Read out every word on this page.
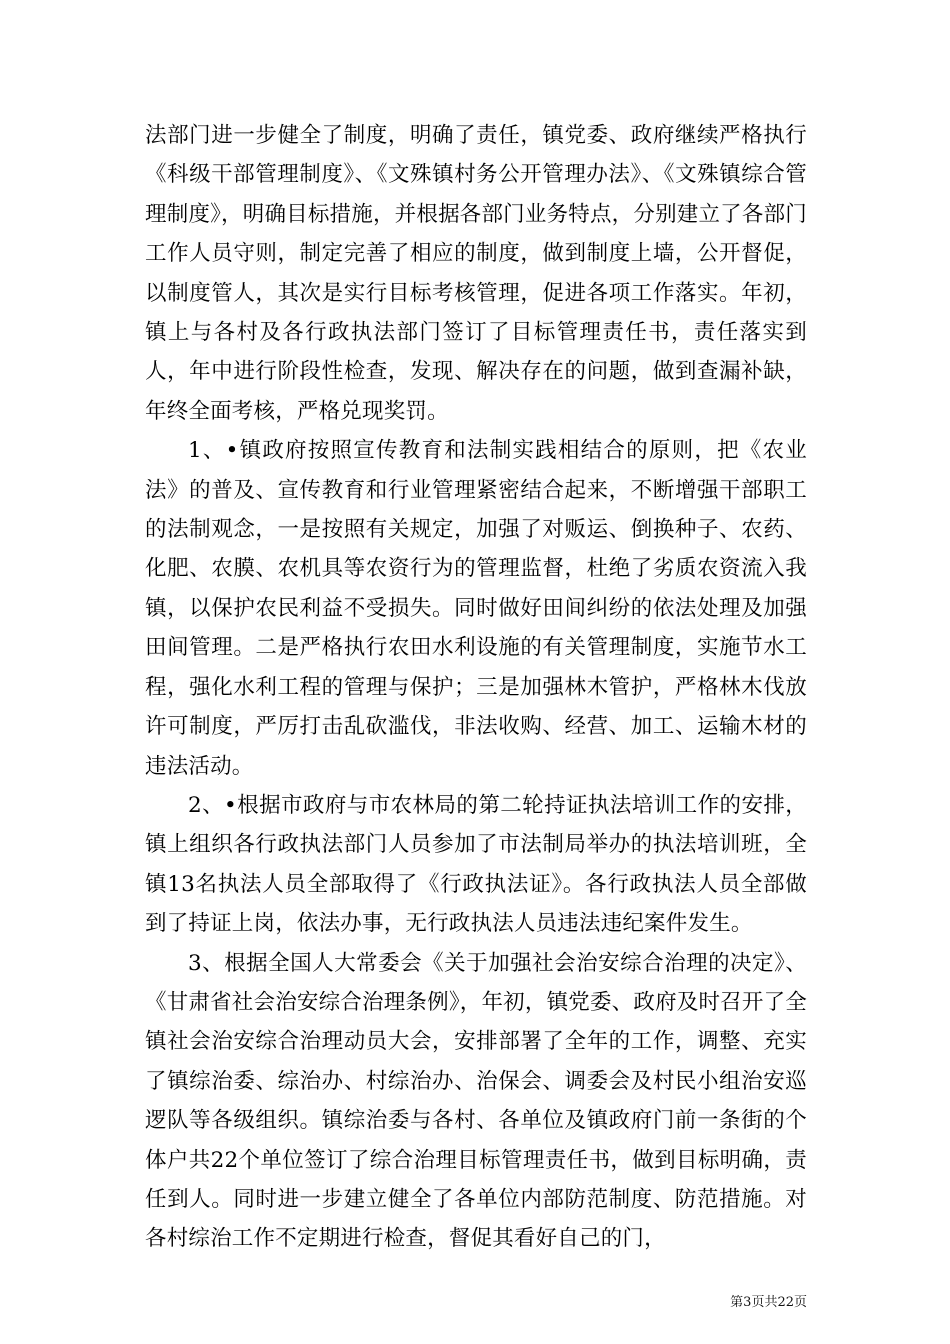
法部门进一步健全了制度，明确了责任，镇党委、政府继续严格执行《科级干部管理制度》、《文殊镇村务公开管理办法》、《文殊镇综合管理制度》，明确目标措施，并根据各部门业务特点，分别建立了各部门工作人员守则，制定完善了相应的制度，做到制度上墙，公开督促，以制度管人，其次是实行目标考核管理，促进各项工作落实。年初，镇上与各村及各行政执法部门签订了目标管理责任书，责任落实到人，年中进行阶段性检查，发现、解决存在的问题，做到查漏补缺，年终全面考核，严格兑现奖罚。

1、•镇政府按照宣传教育和法制实践相结合的原则，把《农业法》的普及、宣传教育和行业管理紧密结合起来，不断增强干部职工的法制观念，一是按照有关规定，加强了对贩运、倒换种子、农药、化肥、农膜、农机具等农资行为的管理监督，杜绝了劣质农资流入我镇，以保护农民利益不受损失。同时做好田间纠纷的依法处理及加强田间管理。二是严格执行农田水利设施的有关管理制度，实施节水工程，强化水利工程的管理与保护；三是加强林木管护，严格林木伐放许可制度，严厉打击乱砍滥伐，非法收购、经营、加工、运输木材的违法活动。

2、•根据市政府与市农林局的第二轮持证执法培训工作的安排，镇上组织各行政执法部门人员参加了市法制局举办的执法培训班，全镇13名执法人员全部取得了《行政执法证》。各行政执法人员全部做到了持证上岗，依法办事，无行政执法人员违法违纪案件发生。

3、根据全国人大常委会《关于加强社会治安综合治理的决定》、《甘肃省社会治安综合治理条例》，年初，镇党委、政府及时召开了全镇社会治安综合治理动员大会，安排部署了全年的工作，调整、充实了镇综治委、综治办、村综治办、治保会、调委会及村民小组治安巡逻队等各级组织。镇综治委与各村、各单位及镇政府门前一条街的个体户共22个单位签订了综合治理目标管理责任书，做到目标明确，责任到人。同时进一步建立健全了各单位内部防范制度、防范措施。对各村综治工作不定期进行检查，督促其看好自己的门，

第3页共22页
